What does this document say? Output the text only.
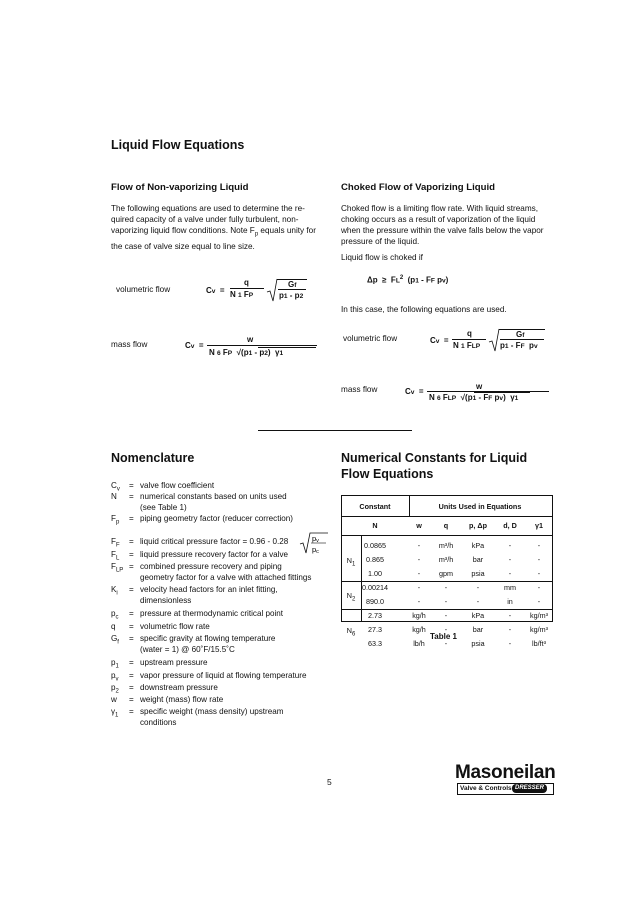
Liquid Flow Equations
Flow of Non-vaporizing Liquid
The following equations are used to determine the re-
quired capacity of a valve under fully turbulent, non-
vaporizing liquid flow conditions. Note $F_p$ equals unity for
the case of valve size equal to line size.
volumetric flow	Cv  =
q
N 1 FP
Gf
p1 - p2
mass flow	Cv  =
w
N 6 FP  √(p1 - p2)  γ1
Choked Flow of Vaporizing Liquid
Choked flow is a limiting flow rate. With liquid streams,
choking occurs as a result of vaporization of the liquid
when the pressure within the valve falls below the vapor
pressure of the liquid.
Liquid flow is choked if
$\Delta p \ge FL^2$  (p1 - FF pv)
In this case, the following equations are used.
volumetric flow	Cv  =
q
N 1 FLP
Gf
p1 - FF  pv
mass flow	Cv  =
w
N 6 FLP  √(p1 - FF pv)  γ1
Nomenclature
$C_v$	= valve flow coefficient
N	= numerical constants based on units used
(see Table 1)
$F_p$	= piping geometry factor (reducer correction)
$F_F$	= liquid critical pressure factor = 0.96 - 0.28
$F_L$	= liquid pressure recovery factor for a valve
$F_{LP}$ = combined pressure recovery and piping
geometry factor for a valve with attached fittings
$K_i$	= velocity head factors for an inlet fitting,
dimensionless
$p_c$	= pressure at thermodynamic critical point
q	= volumetric flow rate
$G_f$	= specific gravity at flowing temperature
(water = 1) @ 60˚F/15.5˚C
$p_1$	= upstream pressure
$p_v$	= vapor pressure of liquid at flowing temperature
$p_2$	= downstream pressure
w	= weight (mass) flow rate
$\gamma_1$	= specific weight (mass density) upstream
conditions
pv
pc
Numerical Constants for Liquid
Flow Equations
Constant	Units Used in Equations
N	w	q	p, Δp	d, D	γ1
0.0865	-	m³/h	kPa	-	-
0.865	-	m³/h	bar	-	-
1.00	-	gpm	psia	-	-
$N_1$
0.00214	-	-	-	mm	-
890.0	-	-	-	in	-
$N_2$
2.73	kg/h	-	kPa	-	kg/m³
27.3	kg/h	-	bar	-	kg/m³
63.3	lb/h	-	psia	-	lb/ft³
$N_6$	Table 1
5	Masoneilan
Valve & Controls DRESSER
